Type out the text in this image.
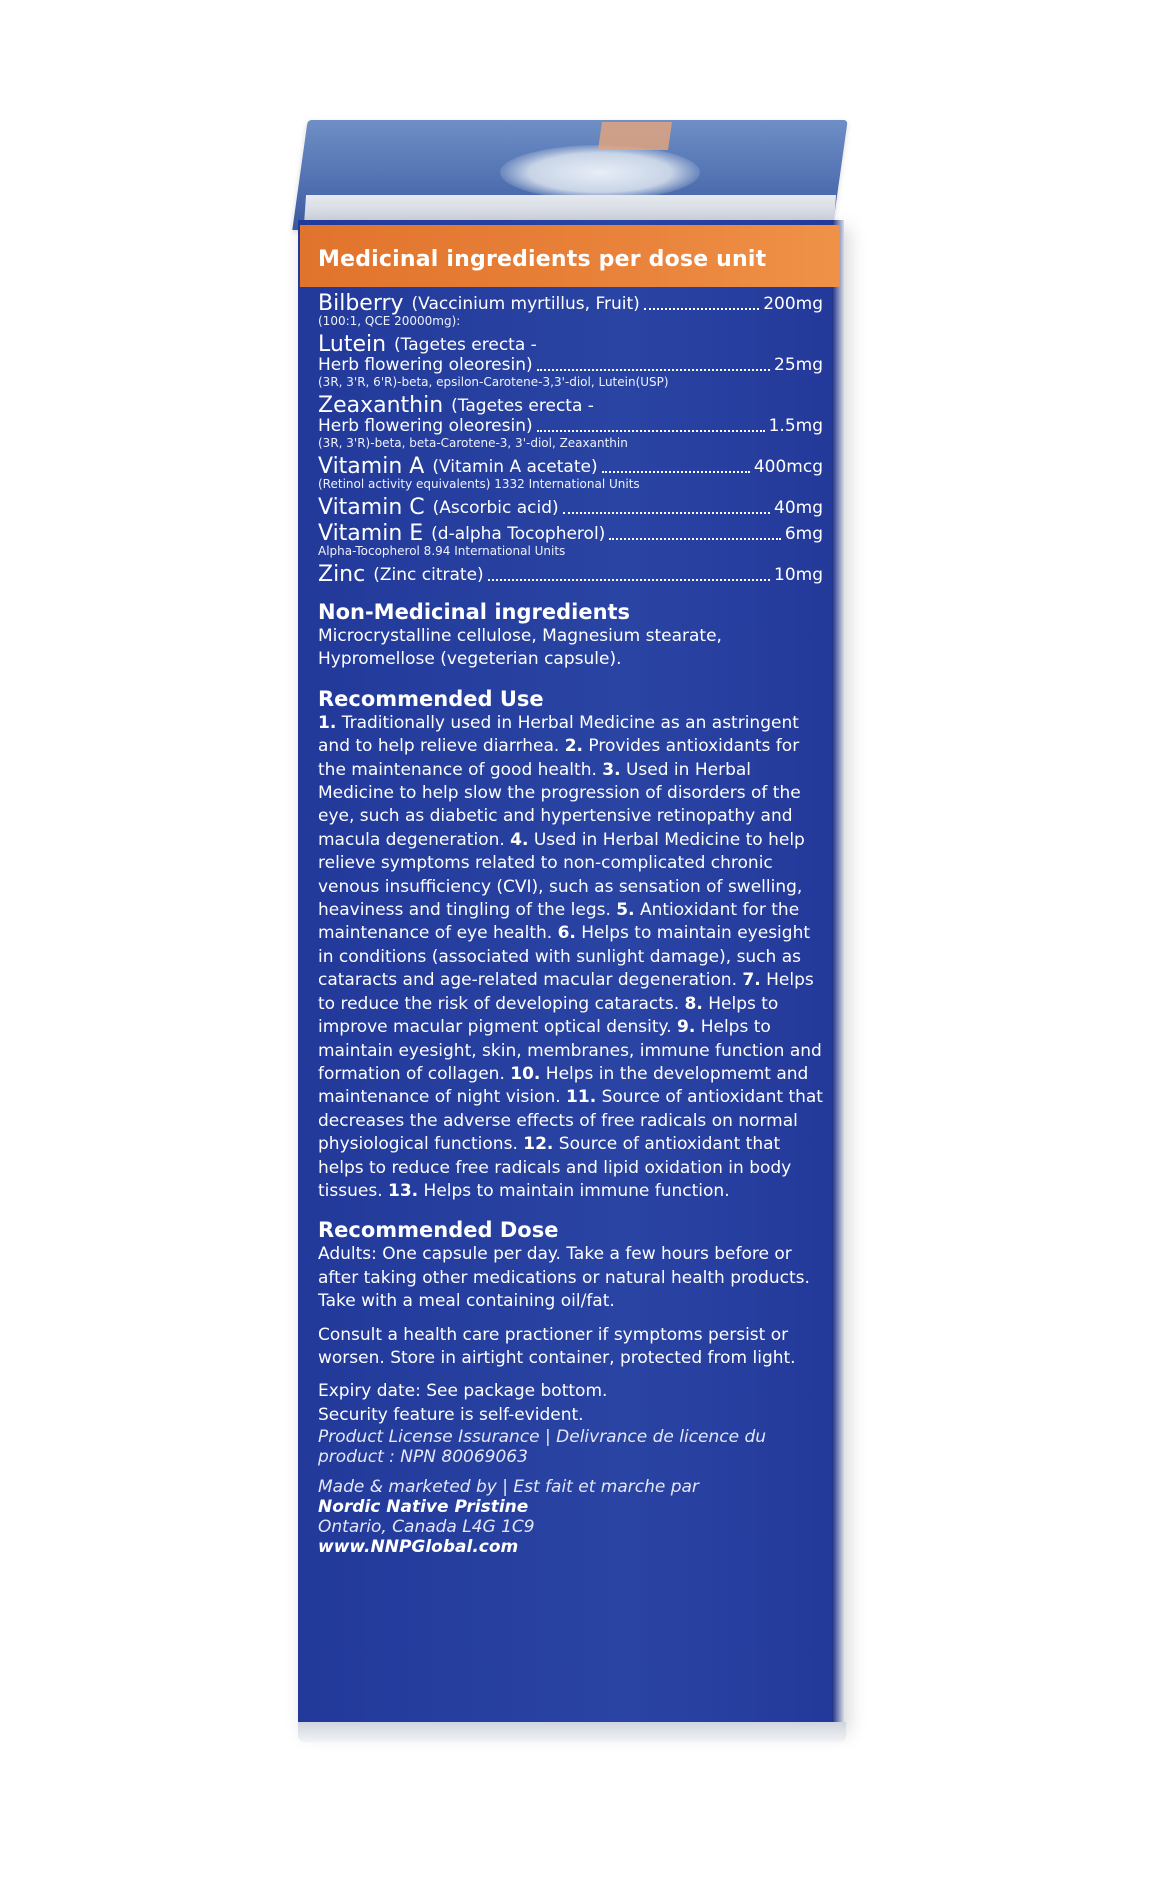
Medicinal ingredients per dose unit
Bilberry (Vaccinium myrtillus, Fruit)	200mg
(100:1, QCE 20000mg):
Lutein (Tagetes erecta -
Herb flowering oleoresin)	25mg
(3R, 3'R, 6'R)-beta, epsilon-Carotene-3,3'-diol, Lutein(USP)
Zeaxanthin (Tagetes erecta -
Herb flowering oleoresin)	1.5mg
(3R, 3'R)-beta, beta-Carotene-3, 3'-diol, Zeaxanthin
Vitamin A (Vitamin A acetate)	400mcg
(Retinol activity equivalents) 1332 International Units
Vitamin C (Ascorbic acid)	40mg
Vitamin E (d-alpha Tocopherol)	6mg
Alpha-Tocopherol 8.94 International Units
Zinc (Zinc citrate)	10mg
Non-Medicinal ingredients
Microcrystalline cellulose, Magnesium stearate, Hypromellose (vegeterian capsule).
Recommended Use
1. Traditionally used in Herbal Medicine as an astringent and to help relieve diarrhea. 2. Provides antioxidants for the maintenance of good health. 3. Used in Herbal Medicine to help slow the progression of disorders of the eye, such as diabetic and hypertensive retinopathy and macula degeneration. 4. Used in Herbal Medicine to help relieve symptoms related to non-complicated chronic venous insufficiency (CVI), such as sensation of swelling, heaviness and tingling of the legs. 5. Antioxidant for the maintenance of eye health. 6. Helps to maintain eyesight in conditions (associated with sunlight damage), such as cataracts and age-related macular degeneration. 7. Helps to reduce the risk of developing cataracts. 8. Helps to improve macular pigment optical density. 9. Helps to maintain eyesight, skin, membranes, immune function and formation of collagen. 10. Helps in the developmemt and maintenance of night vision. 11. Source of antioxidant that decreases the adverse effects of free radicals on normal physiological functions. 12. Source of antioxidant that helps to reduce free radicals and lipid oxidation in body tissues. 13. Helps to maintain immune function.
Recommended Dose
Adults: One capsule per day. Take a few hours before or after taking other medications or natural health products. Take with a meal containing oil/fat.
Consult a health care practioner if symptoms persist or worsen. Store in airtight container, protected from light.
Expiry date: See package bottom.
Security feature is self-evident.
Product License Issurance | Delivrance de licence du product : NPN 80069063
Made & marketed by | Est fait et marche par
Nordic Native Pristine
Ontario, Canada L4G 1C9
www.NNPGlobal.com
